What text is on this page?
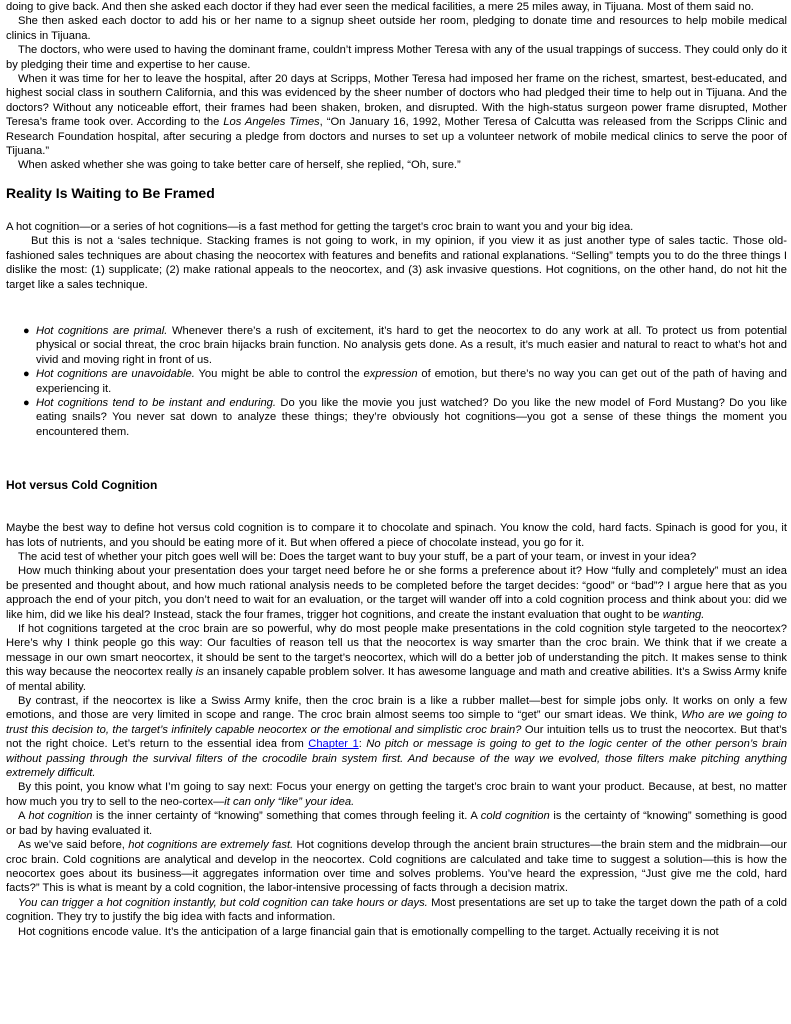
doing to give back. And then she asked each doctor if they had ever seen the medical facilities, a mere 25 miles away, in Tijuana. Most of them said no.

She then asked each doctor to add his or her name to a signup sheet outside her room, pledging to donate time and resources to help mobile medical clinics in Tijuana.

The doctors, who were used to having the dominant frame, couldn’t impress Mother Teresa with any of the usual trappings of success. They could only do it by pledging their time and expertise to her cause.

When it was time for her to leave the hospital, after 20 days at Scripps, Mother Teresa had imposed her frame on the richest, smartest, best-educated, and highest social class in southern California, and this was evidenced by the sheer number of doctors who had pledged their time to help out in Tijuana. And the doctors? Without any noticeable effort, their frames had been shaken, broken, and disrupted. With the high-status surgeon power frame disrupted, Mother Teresa’s frame took over. According to the Los Angeles Times, “On January 16, 1992, Mother Teresa of Calcutta was released from the Scripps Clinic and Research Foundation hospital, after securing a pledge from doctors and nurses to set up a volunteer network of mobile medical clinics to serve the poor of Tijuana.”

When asked whether she was going to take better care of herself, she replied, “Oh, sure.”

Reality Is Waiting to Be Framed

A hot cognition—or a series of hot cognitions—is a fast method for getting the target’s croc brain to want you and your big idea.

But this is not a ‘sales technique. Stacking frames is not going to work, in my opinion, if you view it as just another type of sales tactic. Those old-fashioned sales techniques are about chasing the neocortex with features and benefits and rational explanations. “Selling” tempts you to do the three things I dislike the most: (1) supplicate; (2) make rational appeals to the neocortex, and (3) ask invasive questions. Hot cognitions, on the other hand, do not hit the target like a sales technique.

● Hot cognitions are primal. Whenever there’s a rush of excitement, it’s hard to get the neocortex to do any work at all. To protect us from potential physical or social threat, the croc brain hijacks brain function. No analysis gets done. As a result, it’s much easier and natural to react to what’s hot and vivid and moving right in front of us.
● Hot cognitions are unavoidable. You might be able to control the expression of emotion, but there’s no way you can get out of the path of having and experiencing it.
● Hot cognitions tend to be instant and enduring. Do you like the movie you just watched? Do you like the new model of Ford Mustang? Do you like eating snails? You never sat down to analyze these things; they’re obviously hot cognitions—you got a sense of these things the moment you encountered them.
Hot versus Cold Cognition

Maybe the best way to define hot versus cold cognition is to compare it to chocolate and spinach. You know the cold, hard facts. Spinach is good for you, it has lots of nutrients, and you should be eating more of it. But when offered a piece of chocolate instead, you go for it.

The acid test of whether your pitch goes well will be: Does the target want to buy your stuff, be a part of your team, or invest in your idea?

How much thinking about your presentation does your target need before he or she forms a preference about it? How “fully and completely” must an idea be presented and thought about, and how much rational analysis needs to be completed before the target decides: “good” or “bad”? I argue here that as you approach the end of your pitch, you don’t need to wait for an evaluation, or the target will wander off into a cold cognition process and think about you: did we like him, did we like his deal? Instead, stack the four frames, trigger hot cognitions, and create the instant evaluation that ought to be wanting.

If hot cognitions targeted at the croc brain are so powerful, why do most people make presentations in the cold cognition style targeted to the neocortex? Here’s why I think people go this way: Our faculties of reason tell us that the neocortex is way smarter than the croc brain. We think that if we create a message in our own smart neocortex, it should be sent to the target’s neocortex, which will do a better job of understanding the pitch. It makes sense to think this way because the neocortex really is an insanely capable problem solver. It has awesome language and math and creative abilities. It’s a Swiss Army knife of mental ability.

By contrast, if the neocortex is like a Swiss Army knife, then the croc brain is a like a rubber mallet—best for simple jobs only. It works on only a few emotions, and those are very limited in scope and range. The croc brain almost seems too simple to “get” our smart ideas. We think, Who are we going to trust this decision to, the target’s infinitely capable neocortex or the emotional and simplistic croc brain? Our intuition tells us to trust the neocortex. But that’s not the right choice. Let’s return to the essential idea from Chapter 1: No pitch or message is going to get to the logic center of the other person’s brain without passing through the survival filters of the crocodile brain system first. And because of the way we evolved, those filters make pitching anything extremely difficult.

By this point, you know what I’m going to say next: Focus your energy on getting the target’s croc brain to want your product. Because, at best, no matter how much you try to sell to the neo-cortex—it can only “like” your idea.

A hot cognition is the inner certainty of “knowing” something that comes through feeling it. A cold cognition is the certainty of “knowing” something is good or bad by having evaluated it.

As we’ve said before, hot cognitions are extremely fast. Hot cognitions develop through the ancient brain structures—the brain stem and the midbrain—our croc brain. Cold cognitions are analytical and develop in the neocortex. Cold cognitions are calculated and take time to suggest a solution—this is how the neocortex goes about its business—it aggregates information over time and solves problems. You’ve heard the expression, “Just give me the cold, hard facts?” This is what is meant by a cold cognition, the labor-intensive processing of facts through a decision matrix.

You can trigger a hot cognition instantly, but cold cognition can take hours or days. Most presentations are set up to take the target down the path of a cold cognition. They try to justify the big idea with facts and information.

Hot cognitions encode value. It’s the anticipation of a large financial gain that is emotionally compelling to the target. Actually receiving it is not
